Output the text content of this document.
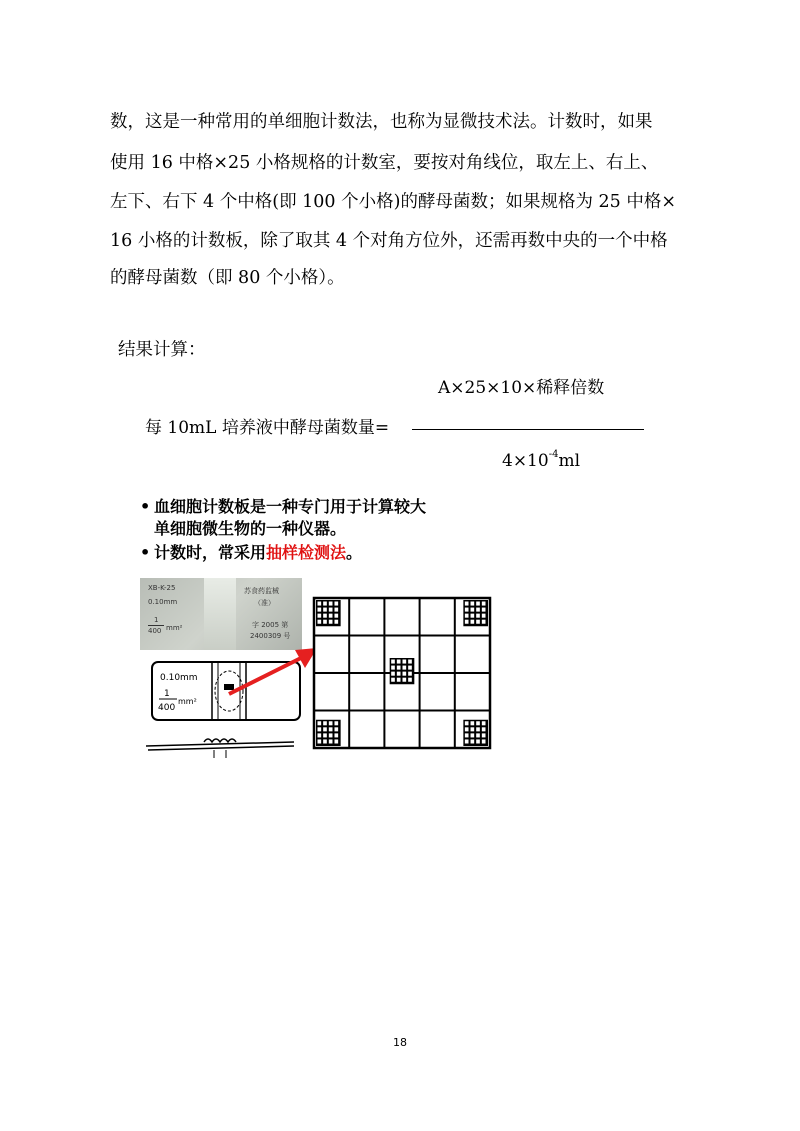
数，这是一种常用的单细胞计数法，也称为显微技术法。计数时，如果
使用 16 中格×25 小格规格的计数室，要按对角线位，取左上、右上、
左下、右下 4 个中格(即 100 个小格)的酵母菌数；如果规格为 25 中格×
16 小格的计数板，除了取其 4 个对角方位外，还需再数中央的一个中格
的酵母菌数（即 80 个小格）。
结果计算：
A×25×10×稀释倍数
每 10mL 培养液中酵母菌数量=
$4\times 10^{-4}ml$
• 血细胞计数板是一种专门用于计算较大
单细胞微生物的一种仪器。
• 计数时，常采用抽样检测法。
XB-K-25
0.10mm
1
400 mm²
苏食药监械
（准）
字 2005 第
2400309 号
0.10mm
1
400
mm²
18
